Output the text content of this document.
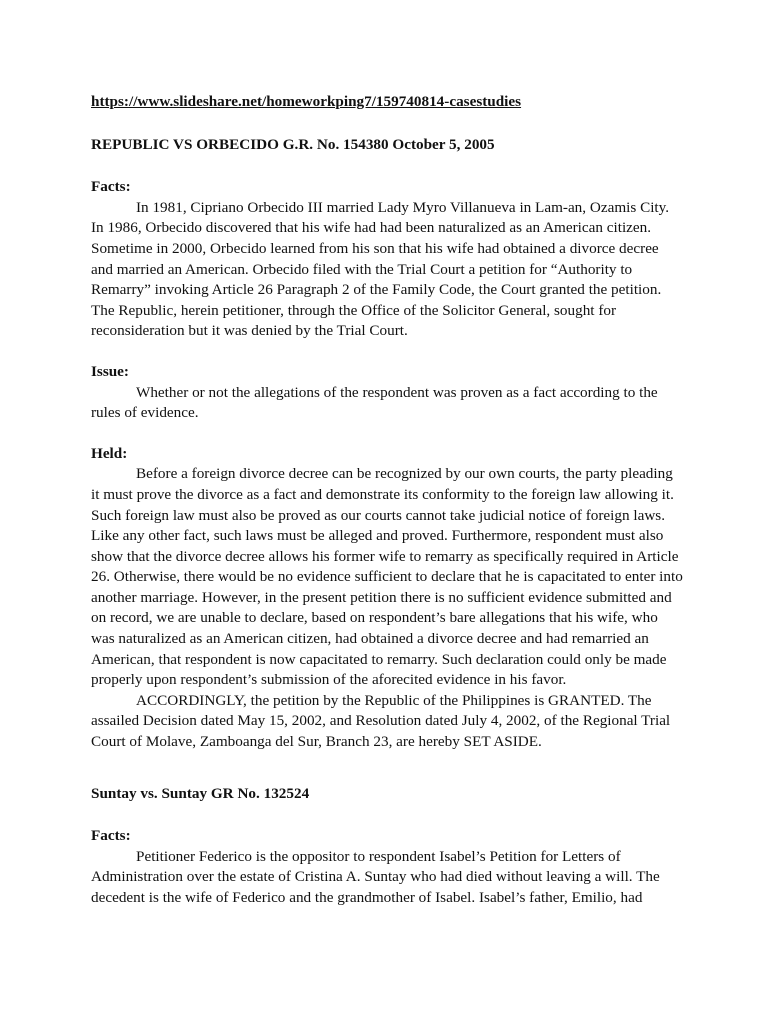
https://www.slideshare.net/homeworkping7/159740814-casestudies
REPUBLIC VS ORBECIDO G.R. No. 154380 October 5, 2005
Facts:
In 1981, Cipriano Orbecido III married Lady Myro Villanueva in Lam-an, Ozamis City.
In 1986, Orbecido discovered that his wife had had been naturalized as an American citizen.
Sometime in 2000, Orbecido learned from his son that his wife had obtained a divorce decree
and married an American. Orbecido filed with the Trial Court a petition for “Authority to
Remarry” invoking Article 26 Paragraph 2 of the Family Code, the Court granted the petition.
The Republic, herein petitioner, through the Office of the Solicitor General, sought for
reconsideration but it was denied by the Trial Court.
Issue:
Whether or not the allegations of the respondent was proven as a fact according to the
rules of evidence.
Held:
Before a foreign divorce decree can be recognized by our own courts, the party pleading
it must prove the divorce as a fact and demonstrate its conformity to the foreign law allowing it.
Such foreign law must also be proved as our courts cannot take judicial notice of foreign laws.
Like any other fact, such laws must be alleged and proved. Furthermore, respondent must also
show that the divorce decree allows his former wife to remarry as specifically required in Article
26. Otherwise, there would be no evidence sufficient to declare that he is capacitated to enter into
another marriage. However, in the present petition there is no sufficient evidence submitted and
on record, we are unable to declare, based on respondent’s bare allegations that his wife, who
was naturalized as an American citizen, had obtained a divorce decree and had remarried an
American, that respondent is now capacitated to remarry. Such declaration could only be made
properly upon respondent’s submission of the aforecited evidence in his favor.
ACCORDINGLY, the petition by the Republic of the Philippines is GRANTED. The
assailed Decision dated May 15, 2002, and Resolution dated July 4, 2002, of the Regional Trial
Court of Molave, Zamboanga del Sur, Branch 23, are hereby SET ASIDE.
Suntay vs. Suntay GR No. 132524
Facts:
Petitioner Federico is the oppositor to respondent Isabel’s Petition for Letters of
Administration over the estate of Cristina A. Suntay who had died without leaving a will. The
decedent is the wife of Federico and the grandmother of Isabel. Isabel’s father, Emilio, had
